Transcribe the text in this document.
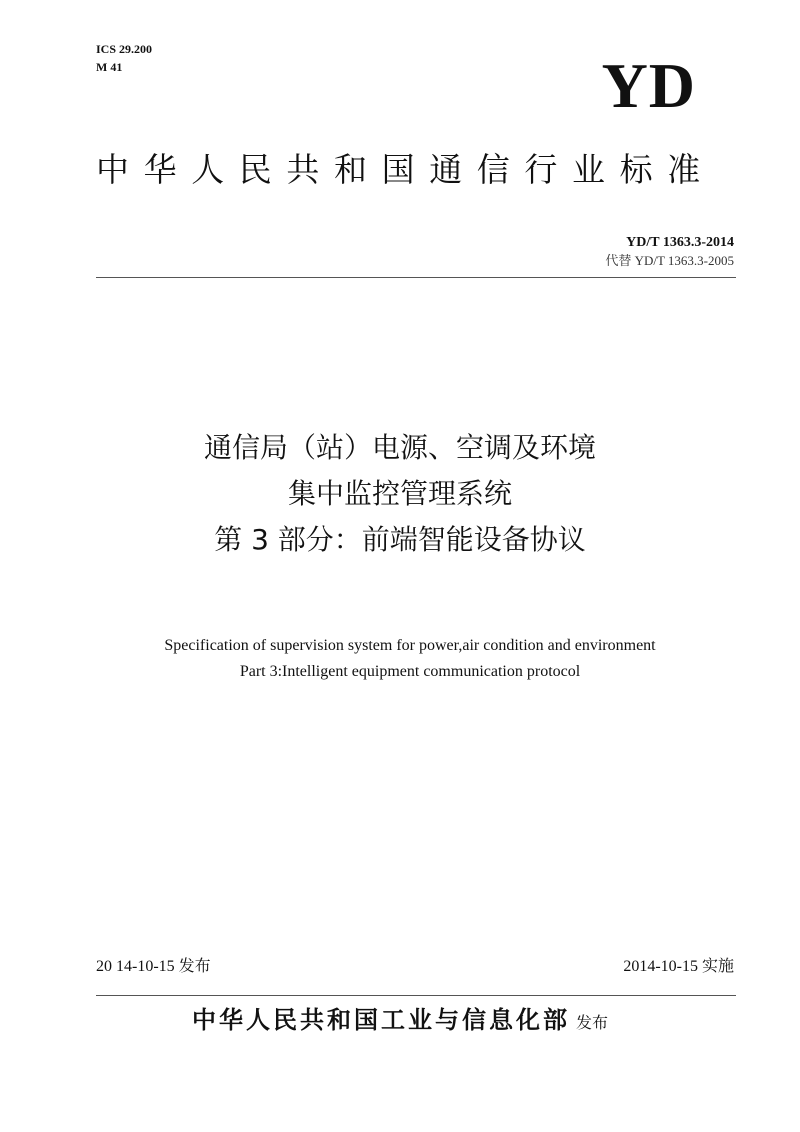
ICS 29.200
M 41	YD
中华人民共和国通信行业标准
YD/T 1363.3-2014
代替 YD/T 1363.3-2005
通信局（站）电源、空调及环境
集中监控管理系统
第 3 部分：前端智能设备协议
Specification of supervision system for power,air condition and environment
Part 3:Intelligent equipment communication protocol
20 14-10-15 发布	2014-10-15 实施
中华人民共和国工业与信息化部 发布
